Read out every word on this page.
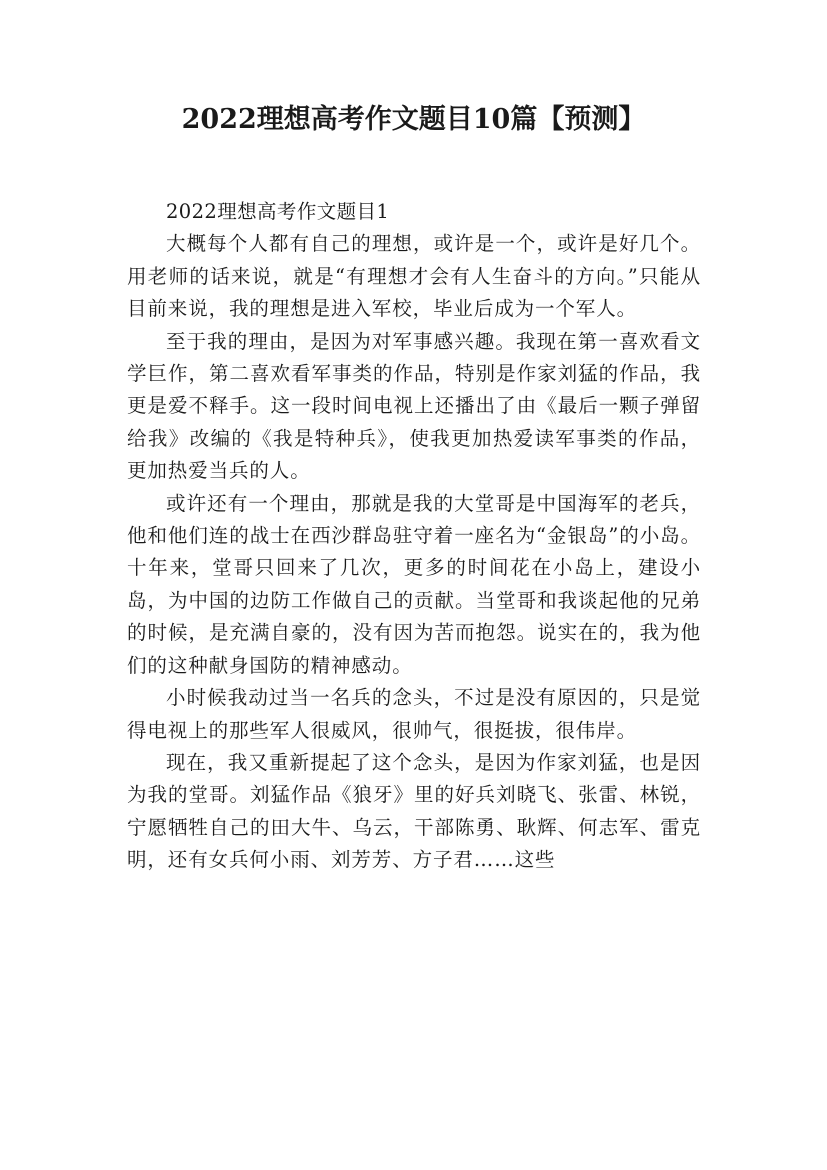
2022理想高考作文题目10篇【预测】

2022理想高考作文题目1

大概每个人都有自己的理想，或许是一个，或许是好几个。用老师的话来说，就是“有理想才会有人生奋斗的方向。”只能从目前来说，我的理想是进入军校，毕业后成为一个军人。

至于我的理由，是因为对军事感兴趣。我现在第一喜欢看文学巨作，第二喜欢看军事类的作品，特别是作家刘猛的作品，我更是爱不释手。这一段时间电视上还播出了由《最后一颗子弹留给我》改编的《我是特种兵》，使我更加热爱读军事类的作品，更加热爱当兵的人。

或许还有一个理由，那就是我的大堂哥是中国海军的老兵，他和他们连的战士在西沙群岛驻守着一座名为“金银岛”的小岛。十年来，堂哥只回来了几次，更多的时间花在小岛上，建设小岛，为中国的边防工作做自己的贡献。当堂哥和我谈起他的兄弟的时候，是充满自豪的，没有因为苦而抱怨。说实在的，我为他们的这种献身国防的精神感动。

小时候我动过当一名兵的念头，不过是没有原因的，只是觉得电视上的那些军人很威风，很帅气，很挺拔，很伟岸。

现在，我又重新提起了这个念头，是因为作家刘猛，也是因为我的堂哥。刘猛作品《狼牙》里的好兵刘晓飞、张雷、林锐，宁愿牺牲自己的田大牛、乌云，干部陈勇、耿辉、何志军、雷克明，还有女兵何小雨、刘芳芳、方子君……这些
